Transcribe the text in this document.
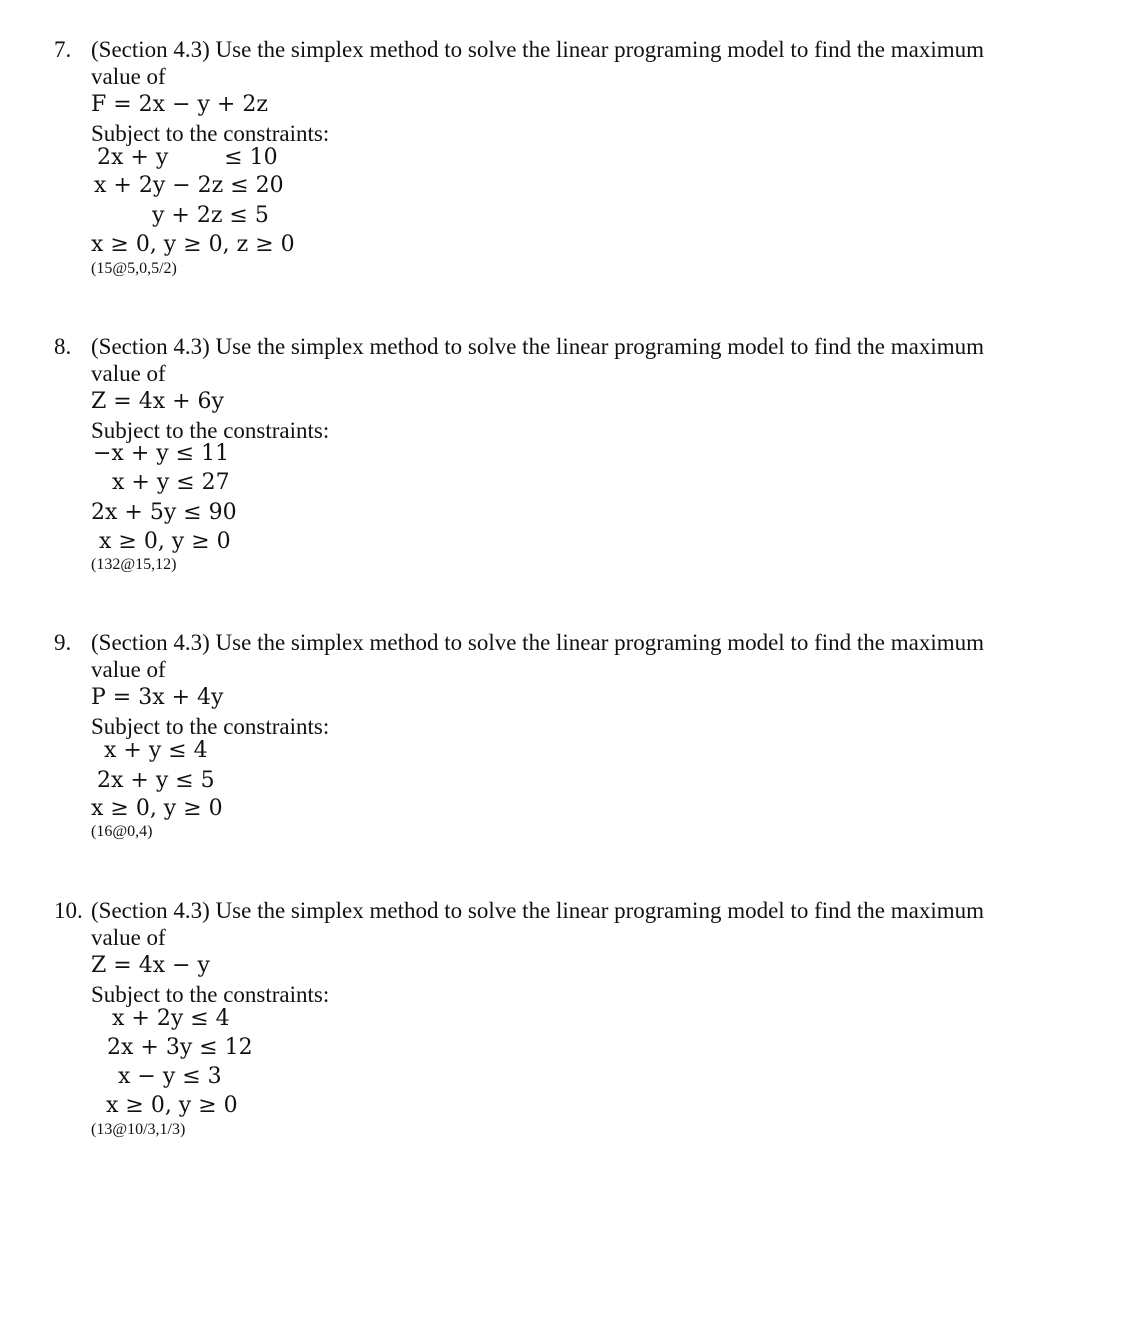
7. (Section 4.3) Use the simplex method to solve the linear programing model to find the maximum
value of
F = 2x − y + 2z
Subject to the constraints:
2x + y        ≤ 10
x + 2y − 2z ≤ 20
y + 2z ≤ 5
x ≥ 0, y ≥ 0, z ≥ 0
(15@5,0,5/2)
8. (Section 4.3) Use the simplex method to solve the linear programing model to find the maximum
value of
Z = 4x + 6y
Subject to the constraints:
−x + y ≤ 11
x + y ≤ 27
2x + 5y ≤ 90
x ≥ 0, y ≥ 0
(132@15,12)
9. (Section 4.3) Use the simplex method to solve the linear programing model to find the maximum
value of
P = 3x + 4y
Subject to the constraints:
x + y ≤ 4
2x + y ≤ 5
x ≥ 0, y ≥ 0
(16@0,4)
10. (Section 4.3) Use the simplex method to solve the linear programing model to find the maximum
value of
Z = 4x − y
Subject to the constraints:
x + 2y ≤ 4
2x + 3y ≤ 12
x − y ≤ 3
x ≥ 0, y ≥ 0
(13@10/3,1/3)
